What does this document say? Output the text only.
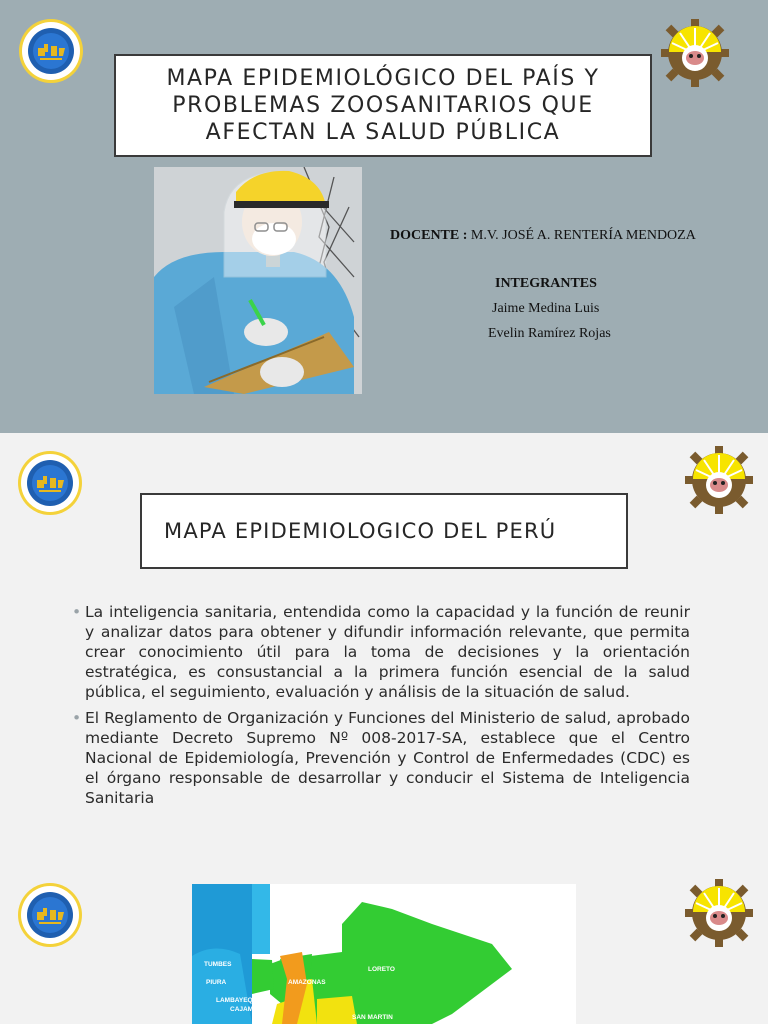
MAPA EPIDEMIOLÓGICO DEL PAÍS Y PROBLEMAS ZOOSANITARIOS QUE AFECTAN LA SALUD PÚBLICA
DOCENTE : M.V. JOSÉ A. RENTERÍA MENDOZA
INTEGRANTES
Jaime Medina Luis
Evelin Ramírez Rojas
MAPA EPIDEMIOLOGICO DEL PERÚ
• La inteligencia sanitaria, entendida como la capacidad y la función de reunir y analizar datos para obtener y difundir información relevante, que permita crear conocimiento útil para la toma de decisiones y la orientación estratégica, es consustancial a la primera función esencial de la salud pública, el seguimiento, evaluación y análisis de la situación de salud.
• El Reglamento de Organización y Funciones del Ministerio de salud, aprobado mediante Decreto Supremo Nº 008-2017-SA, establece que el Centro Nacional de Epidemiología, Prevención y Control de Enfermedades (CDC) es el órgano responsable de desarrollar y conducir el Sistema de Inteligencia Sanitaria
TUMBES
PIURA
LAMBAYEQUE
CAJAMARCA
AMAZONAS
LORETO
SAN MARTIN
